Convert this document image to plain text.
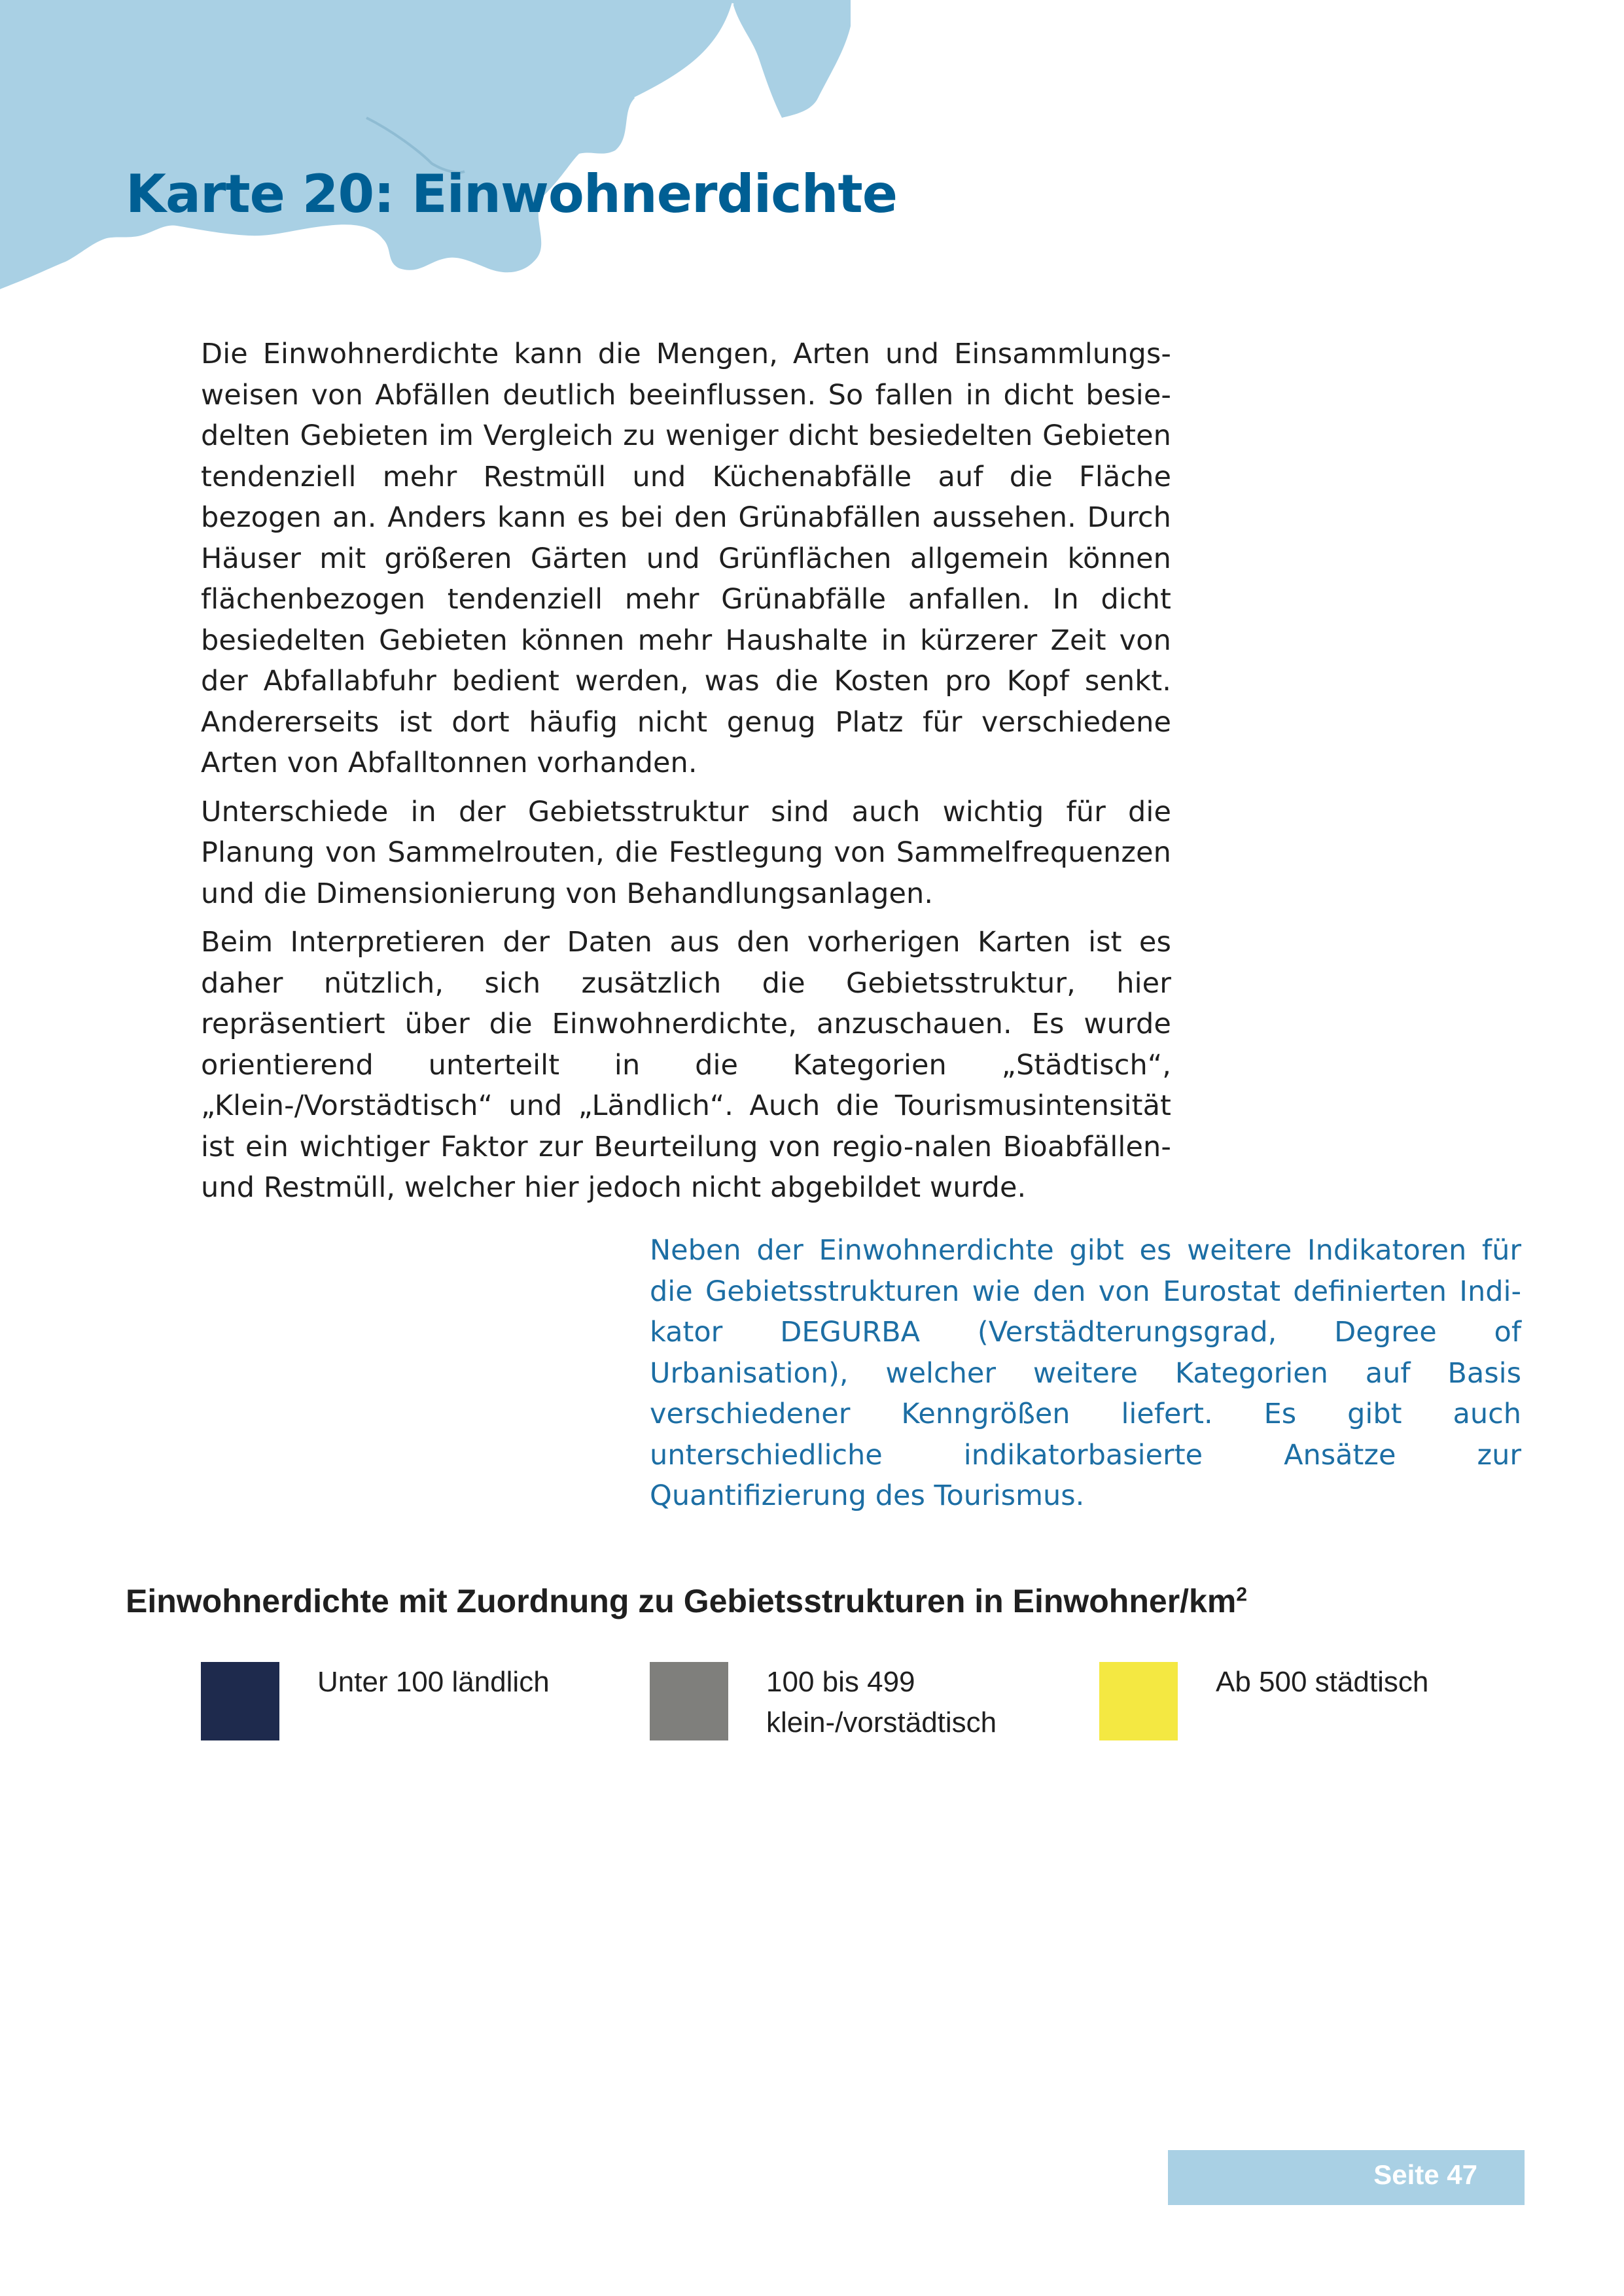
Karte 20: Einwohnerdichte

Die Einwohnerdichte kann die Mengen, Arten und Einsammlungs-weisen von Abfällen deutlich beeinflussen. So fallen in dicht besie-delten Gebieten im Vergleich zu weniger dicht besiedelten Gebieten tendenziell mehr Restmüll und Küchenabfälle auf die Fläche bezogen an. Anders kann es bei den Grünabfällen aussehen. Durch Häuser mit größeren Gärten und Grünflächen allgemein können flächenbezogen tendenziell mehr Grünabfälle anfallen. In dicht besiedelten Gebieten können mehr Haushalte in kürzerer Zeit von der Abfallabfuhr bedient werden, was die Kosten pro Kopf senkt. Andererseits ist dort häufig nicht genug Platz für verschiedene Arten von Abfalltonnen vorhanden.

Unterschiede in der Gebietsstruktur sind auch wichtig für die Planung von Sammelrouten, die Festlegung von Sammelfrequenzen und die Dimensionierung von Behandlungsanlagen.

Beim Interpretieren der Daten aus den vorherigen Karten ist es daher nützlich, sich zusätzlich die Gebietsstruktur, hier repräsentiert über die Einwohnerdichte, anzuschauen. Es wurde orientierend unterteilt in die Kategorien „Städtisch“, „Klein-/Vorstädtisch“ und „Ländlich“. Auch die Tourismusintensität ist ein wichtiger Faktor zur Beurteilung von regio-nalen Bioabfällen- und Restmüll, welcher hier jedoch nicht abgebildet wurde.

Neben der Einwohnerdichte gibt es weitere Indikatoren für die Gebietsstrukturen wie den von Eurostat definierten Indi-kator DEGURBA (Verstädterungsgrad, Degree of Urbanisation), welcher weitere Kategorien auf Basis verschiedener Kenngrößen liefert. Es gibt auch unterschiedliche indikatorbasierte Ansätze zur Quantifizierung des Tourismus.

Einwohnerdichte mit Zuordnung zu Gebietsstrukturen in Einwohner/$km^2$

Unter 100 ländlich	100 bis 499
klein-/vorstädtisch

Ab 500 städtisch

Seite 47
